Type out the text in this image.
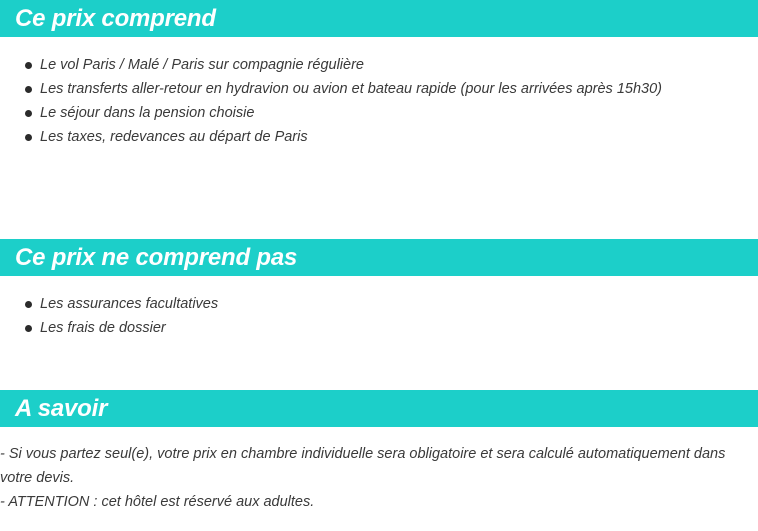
Ce prix comprend
Le vol Paris / Malé / Paris sur compagnie régulière
Les transferts aller-retour en hydravion ou avion et bateau rapide (pour les arrivées après 15h30)
Le séjour dans la pension choisie
Les taxes, redevances au départ de Paris
Ce prix ne comprend pas
Les assurances facultatives
Les frais de dossier
A savoir
- Si vous partez seul(e), votre prix en chambre individuelle sera obligatoire et sera calculé automatiquement dans votre devis.
- ATTENTION : cet hôtel est réservé aux adultes.
